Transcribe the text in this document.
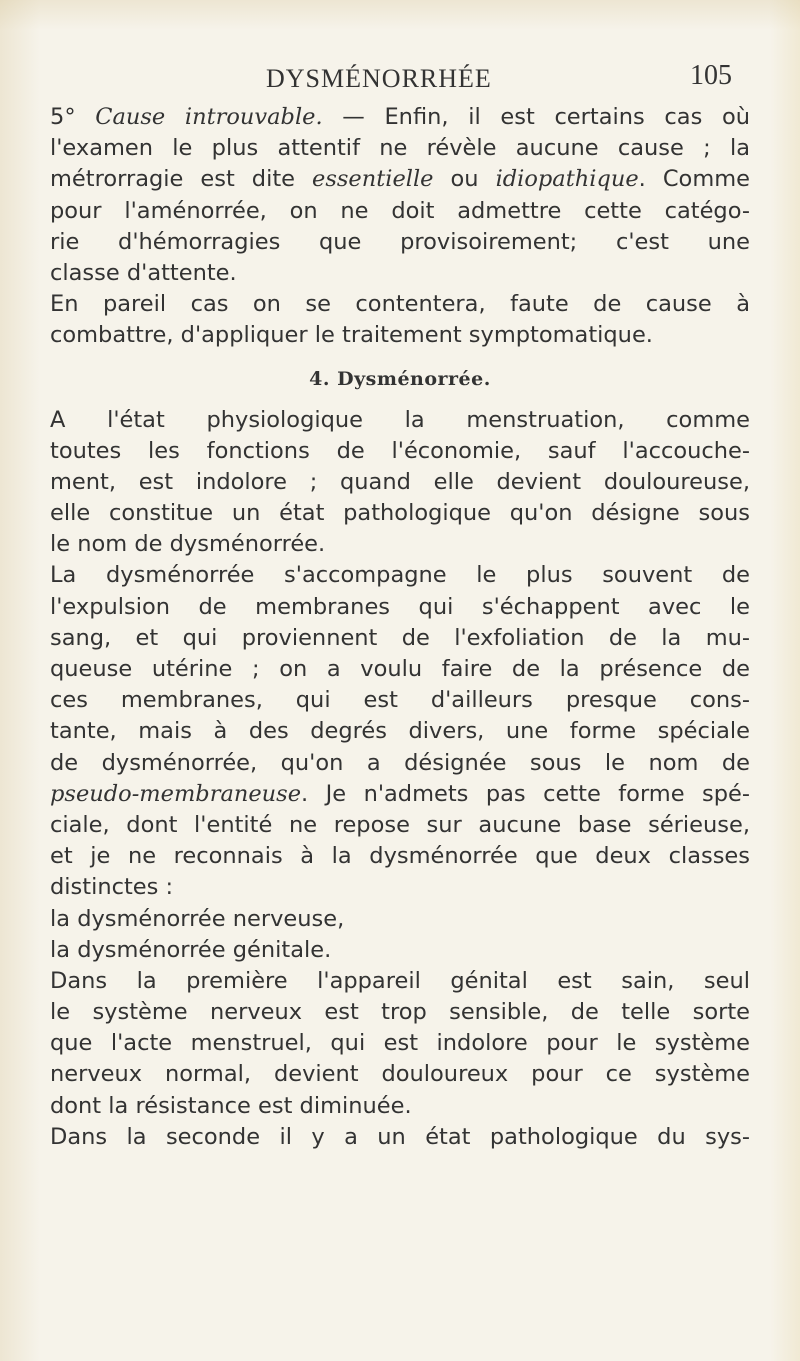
DYSMÉNORRHÉE	105
5° Cause introuvable. — Enfin, il est certains cas où
l'examen le plus attentif ne révèle aucune cause ; la
métrorragie est dite essentielle ou idiopathique. Comme
pour l'aménorrée, on ne doit admettre cette catégo-
rie d'hémorragies que provisoirement; c'est une
classe d'attente.
En pareil cas on se contentera, faute de cause à
combattre, d'appliquer le traitement symptomatique.
4. Dysménorrée.
A l'état physiologique la menstruation, comme
toutes les fonctions de l'économie, sauf l'accouche-
ment, est indolore ; quand elle devient douloureuse,
elle constitue un état pathologique qu'on désigne sous
le nom de dysménorrée.
La dysménorrée s'accompagne le plus souvent de
l'expulsion de membranes qui s'échappent avec le
sang, et qui proviennent de l'exfoliation de la mu-
queuse utérine ; on a voulu faire de la présence de
ces membranes, qui est d'ailleurs presque cons-
tante, mais à des degrés divers, une forme spéciale
de dysménorrée, qu'on a désignée sous le nom de
pseudo-membraneuse. Je n'admets pas cette forme spé-
ciale, dont l'entité ne repose sur aucune base sérieuse,
et je ne reconnais à la dysménorrée que deux classes
distinctes :
la dysménorrée nerveuse,
la dysménorrée génitale.
Dans la première l'appareil génital est sain, seul
le système nerveux est trop sensible, de telle sorte
que l'acte menstruel, qui est indolore pour le système
nerveux normal, devient douloureux pour ce système
dont la résistance est diminuée.
Dans la seconde il y a un état pathologique du sys-
